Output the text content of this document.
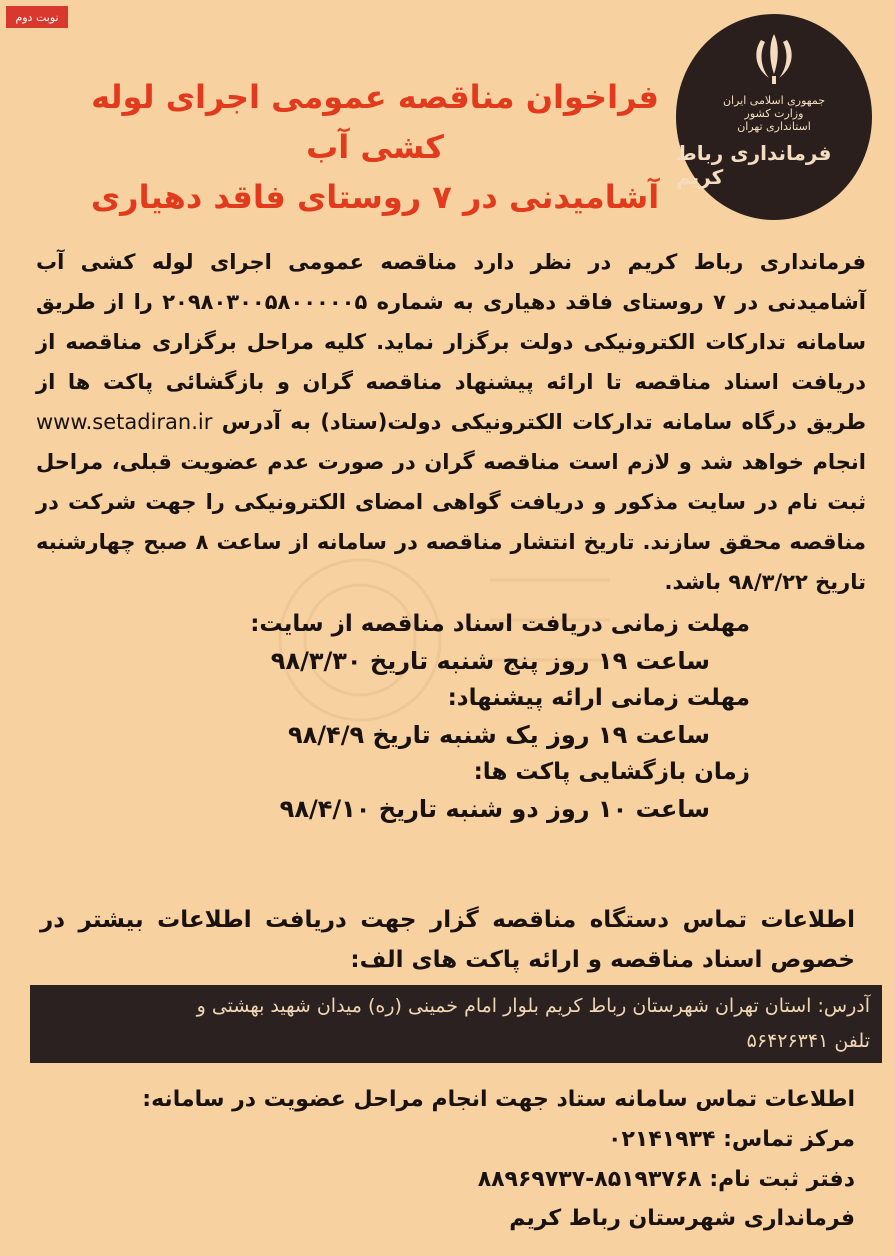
نوبت دوم
جمهوری اسلامی ایران
وزارت کشور
استانداری تهران
فرمانداری رباط کریم
فراخوان مناقصه عمومی اجرای لوله کشی آب
آشامیدنی در ۷ روستای فاقد دهیاری
فرمانداری رباط کریم در نظر دارد مناقصه عمومی اجرای لوله کشی آب آشامیدنی در ۷ روستای فاقد دهیاری به شماره ۲۰۹۸۰۳۰۰۵۸۰۰۰۰۰۵ را از طریق سامانه تدارکات الکترونیکی دولت برگزار نماید. کلیه مراحل برگزاری مناقصه از دریافت اسناد مناقصه تا ارائه پیشنهاد مناقصه گران و بازگشائی پاکت ها از طریق درگاه سامانه تدارکات الکترونیکی دولت(ستاد) به آدرس www.setadiran.ir انجام خواهد شد و لازم است مناقصه گران در صورت عدم عضویت قبلی، مراحل ثبت نام در سایت مذکور و دریافت گواهی امضای الکترونیکی را جهت شرکت در مناقصه محقق سازند. تاریخ انتشار مناقصه در سامانه از ساعت ۸ صبح چهارشنبه تاریخ ۹۸/۳/۲۲ باشد.
مهلت زمانی دریافت اسناد مناقصه از سایت:
ساعت ۱۹ روز پنج شنبه تاریخ ۹۸/۳/۳۰
مهلت زمانی ارائه پیشنهاد:
ساعت ۱۹ روز یک شنبه تاریخ ۹۸/۴/۹
زمان بازگشایی پاکت ها:
ساعت ۱۰ روز دو شنبه تاریخ ۹۸/۴/۱۰
اطلاعات تماس دستگاه مناقصه گزار جهت دریافت اطلاعات بیشتر در خصوص اسناد مناقصه و ارائه پاکت های الف:
آدرس: استان تهران شهرستان رباط کریم بلوار امام خمینی (ره) میدان شهید بهشتی و
تلفن ۵۶۴۲۶۳۴۱
اطلاعات تماس سامانه ستاد جهت انجام مراحل عضویت در سامانه:
مرکز تماس: ۰۲۱۴۱۹۳۴
دفتر ثبت نام: ۸۵۱۹۳۷۶۸-۸۸۹۶۹۷۳۷
فرمانداری شهرستان رباط کریم
